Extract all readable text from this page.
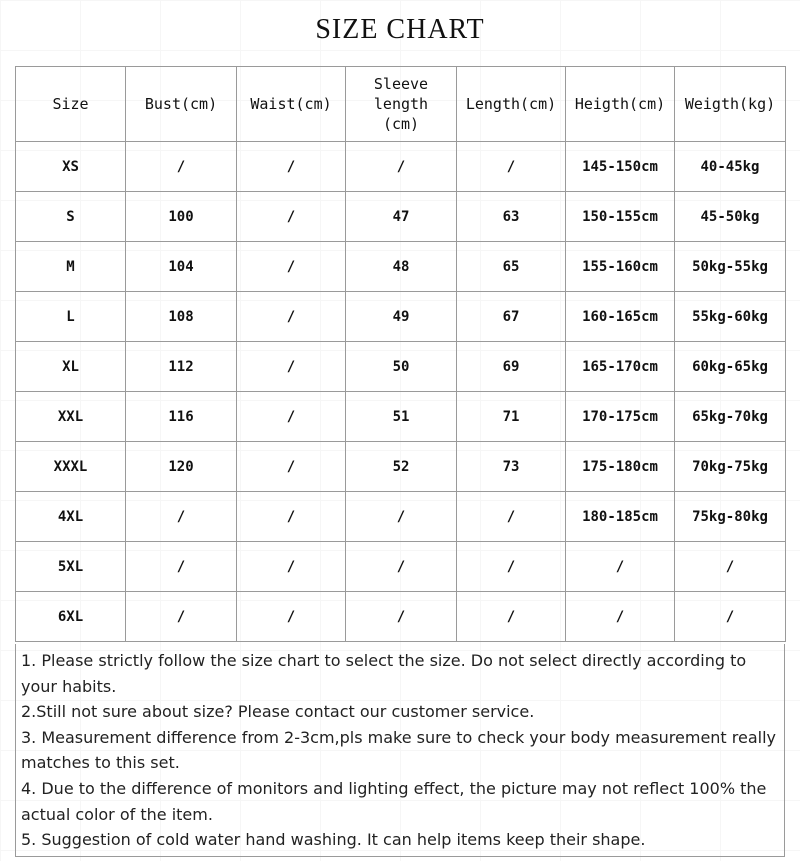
SIZE CHART
Size	Bust(cm)	Waist(cm)	Sleeve length (cm)	Length(cm)	Heigth(cm)	Weigth(kg)
XS	/	/	/	/	145-150cm	40-45kg
S	100	/	47	63	150-155cm	45-50kg
M	104	/	48	65	155-160cm	50kg-55kg
L	108	/	49	67	160-165cm	55kg-60kg
XL	112	/	50	69	165-170cm	60kg-65kg
XXL	116	/	51	71	170-175cm	65kg-70kg
XXXL	120	/	52	73	175-180cm	70kg-75kg
4XL	/	/	/	/	180-185cm	75kg-80kg
5XL	/	/	/	/	/	/
6XL	/	/	/	/	/	/

1. Please strictly follow the size chart to select the size. Do not select directly according to your habits.

2.Still not sure about size? Please contact our customer service.

3. Measurement difference from 2-3cm,pls make sure to check your body measurement really matches to this set.

4. Due to the difference of monitors and lighting effect, the picture may not reflect 100% the actual color of the item.

5. Suggestion of cold water hand washing. It can help items keep their shape.
